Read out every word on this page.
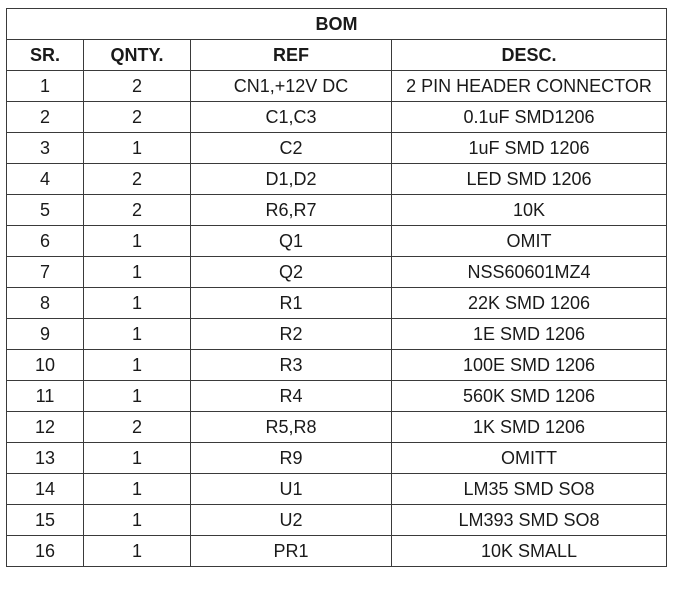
BOM			
SR.	QNTY.	REF	DESC.
1	2	CN1,+12V DC	2 PIN HEADER CONNECTOR
2	2	C1,C3	0.1uF SMD1206
3	1	C2	1uF SMD 1206
4	2	D1,D2	LED SMD 1206
5	2	R6,R7	10K
6	1	Q1	OMIT
7	1	Q2	NSS60601MZ4
8	1	R1	22K SMD 1206
9	1	R2	1E SMD 1206
10	1	R3	100E SMD 1206
11	1	R4	560K SMD 1206
12	2	R5,R8	1K SMD 1206
13	1	R9	OMITT
14	1	U1	LM35 SMD SO8
15	1	U2	LM393 SMD SO8
16	1	PR1	10K SMALL
